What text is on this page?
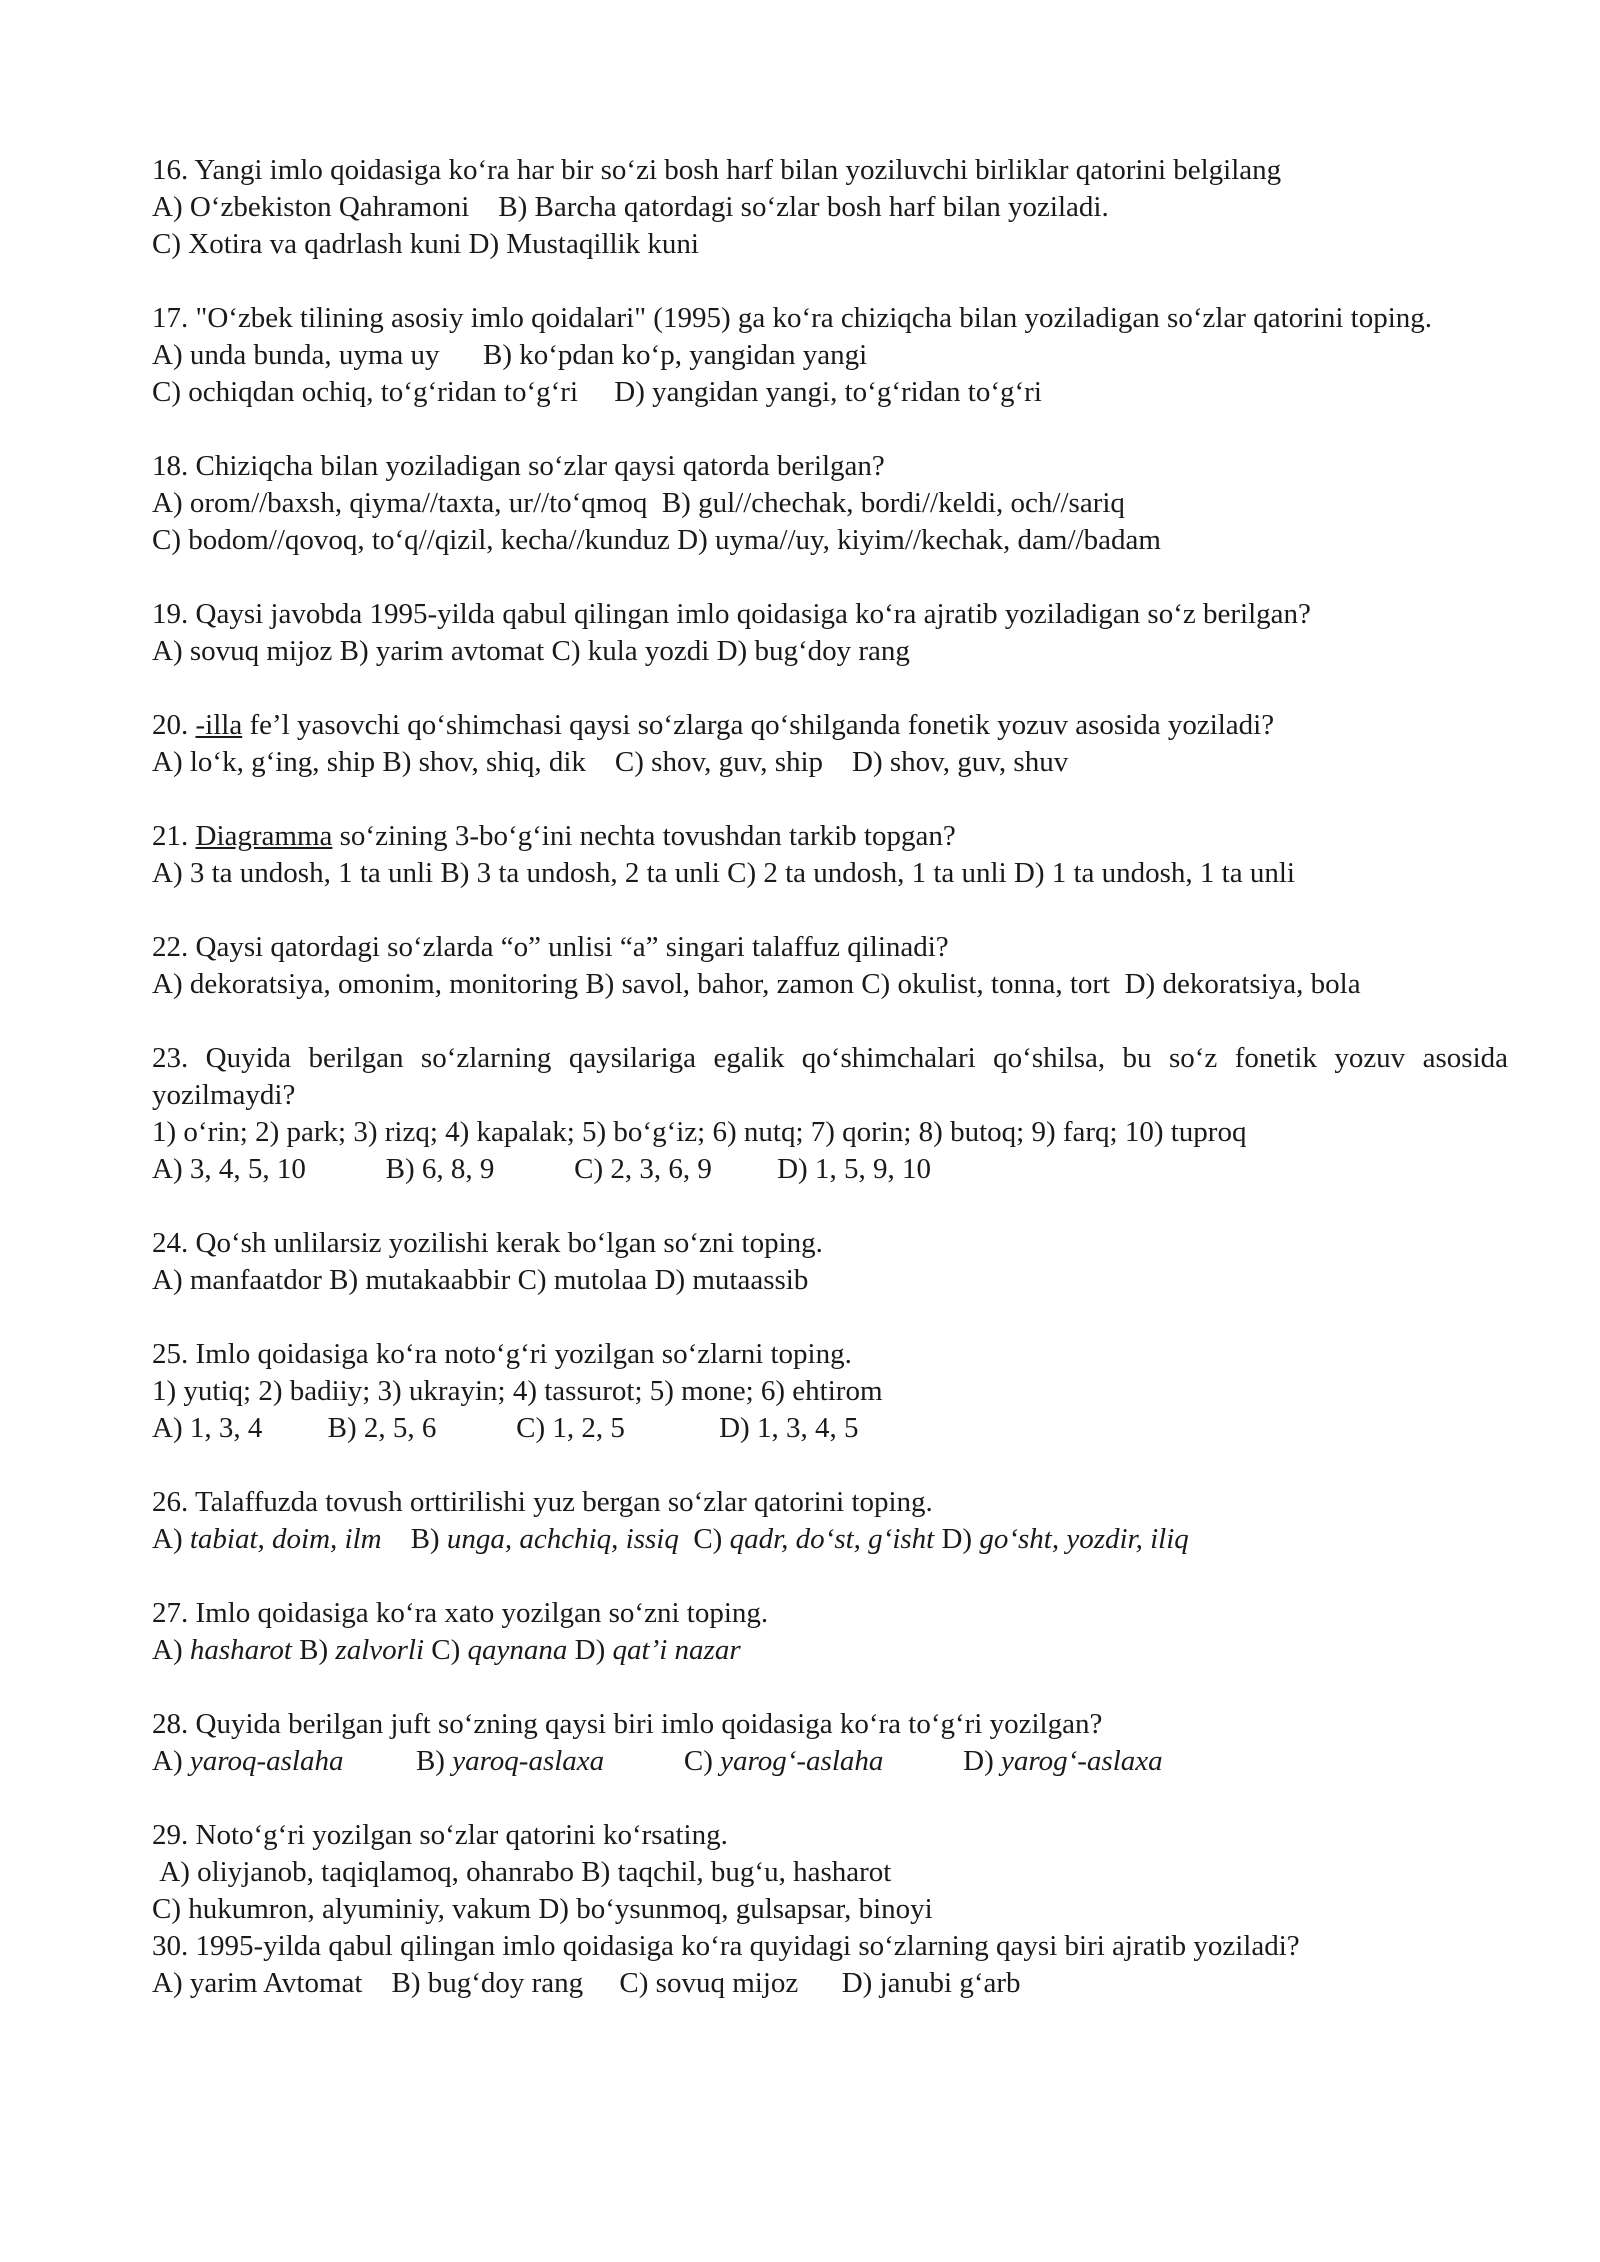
16. Yangi imlo qoidasiga ko‘ra har bir so‘zi bosh harf bilan yoziluvchi birliklar qatorini belgilang
A) O‘zbekiston Qahramoni    B) Barcha qatordagi so‘zlar bosh harf bilan yoziladi.
C) Xotira va qadrlash kuni D) Mustaqillik kuni
17. "O‘zbek tilining asosiy imlo qoidalari" (1995) ga ko‘ra chiziqcha bilan yoziladigan so‘zlar qatorini toping.
A) unda bunda, uyma uy      B) ko‘pdan ko‘p, yangidan yangi
C) ochiqdan ochiq, to‘g‘ridan to‘g‘ri     D) yangidan yangi, to‘g‘ridan to‘g‘ri
18. Chiziqcha bilan yoziladigan so‘zlar qaysi qatorda berilgan?
A) orom//baxsh, qiyma//taxta, ur//to‘qmoq  B) gul//chechak, bordi//keldi, och//sariq
C) bodom//qovoq, to‘q//qizil, kecha//kunduz D) uyma//uy, kiyim//kechak, dam//badam
19. Qaysi javobda 1995-yilda qabul qilingan imlo qoidasiga ko‘ra ajratib yoziladigan so‘z berilgan?
A) sovuq mijoz B) yarim avtomat C) kula yozdi D) bug‘doy rang
20. -illa fe’l yasovchi qo‘shimchasi qaysi so‘zlarga qo‘shilganda fonetik yozuv asosida yoziladi?
A) lo‘k, g‘ing, ship B) shov, shiq, dik    C) shov, guv, ship    D) shov, guv, shuv
21. Diagramma so‘zining 3-bo‘g‘ini nechta tovushdan tarkib topgan?
A) 3 ta undosh, 1 ta unli B) 3 ta undosh, 2 ta unli C) 2 ta undosh, 1 ta unli D) 1 ta undosh, 1 ta unli
22. Qaysi qatordagi so‘zlarda “o” unlisi “a” singari talaffuz qilinadi?
A) dekoratsiya, omonim, monitoring B) savol, bahor, zamon C) okulist, tonna, tort  D) dekoratsiya, bola
23. Quyida berilgan so‘zlarning qaysilariga egalik qo‘shimchalari qo‘shilsa, bu so‘z fonetik yozuv asosida yozilmaydi?
1) o‘rin; 2) park; 3) rizq; 4) kapalak; 5) bo‘g‘iz; 6) nutq; 7) qorin; 8) butoq; 9) farq; 10) tuproq
A) 3, 4, 5, 10           B) 6, 8, 9           C) 2, 3, 6, 9         D) 1, 5, 9, 10
24. Qo‘sh unlilarsiz yozilishi kerak bo‘lgan so‘zni toping.
A) manfaatdor B) mutakaabbir C) mutolaa D) mutaassib
25. Imlo qoidasiga ko‘ra noto‘g‘ri yozilgan so‘zlarni toping.
1) yutiq; 2) badiiy; 3) ukrayin; 4) tassurot; 5) mone; 6) ehtirom
A) 1, 3, 4         B) 2, 5, 6           C) 1, 2, 5             D) 1, 3, 4, 5
26. Talaffuzda tovush orttirilishi yuz bergan so‘zlar qatorini toping.
A) tabiat, doim, ilm    B) unga, achchiq, issiq  C) qadr, do‘st, g‘isht D) go‘sht, yozdir, iliq
27. Imlo qoidasiga ko‘ra xato yozilgan so‘zni toping.
A) hasharot B) zalvorli C) qaynana D) qat’i nazar
28. Quyida berilgan juft so‘zning qaysi biri imlo qoidasiga ko‘ra to‘g‘ri yozilgan?
A) yaroq-aslaha          B) yaroq-aslaxa           C) yarog‘-aslaha           D) yarog‘-aslaxa
29. Noto‘g‘ri yozilgan so‘zlar qatorini ko‘rsating.
A) oliyjanob, taqiqlamoq, ohanrabo B) taqchil, bug‘u, hasharot
C) hukumron, alyuminiy, vakum D) bo‘ysunmoq, gulsapsar, binoyi
30. 1995-yilda qabul qilingan imlo qoidasiga ko‘ra quyidagi so‘zlarning qaysi biri ajratib yoziladi?
A) yarim Avtomat    B) bug‘doy rang     C) sovuq mijoz      D) janubi g‘arb
